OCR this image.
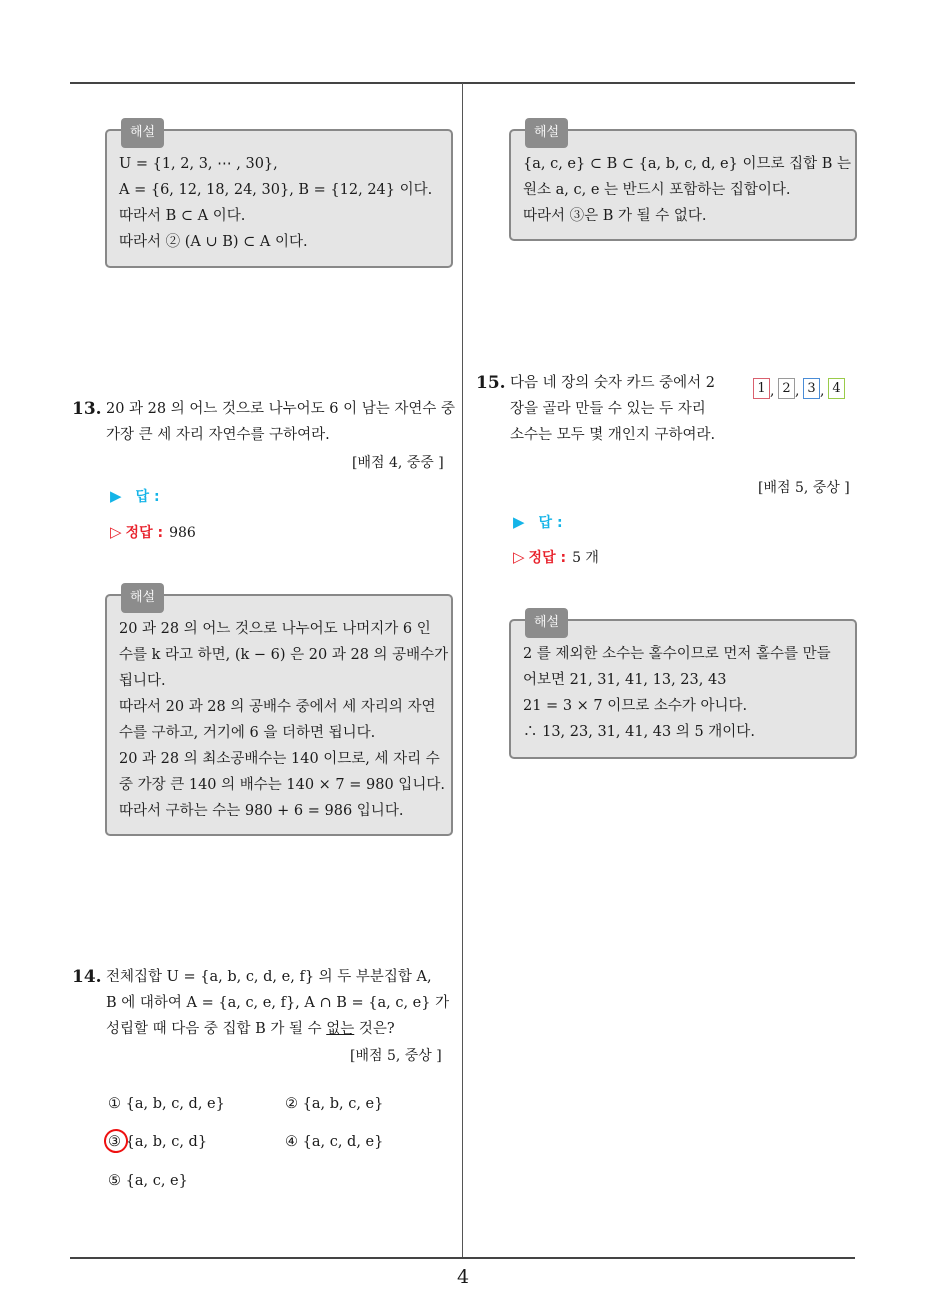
해설

U = {1, 2, 3, ⋯ , 30},

A = {6, 12, 18, 24, 30}, B = {12, 24} 이다.

따라서 B ⊂ A 이다.

따라서 ② (A ∪ B) ⊂ A 이다.

해설

{a, c, e} ⊂ B ⊂ {a, b, c, d, e} 이므로 집합 B 는

원소 a, c, e 는 반드시 포함하는 집합이다.

따라서 ③은 B 가 될 수 없다.

13. 20 과 28 의 어느 것으로 나누어도 6 이 남는 자연수 중

가장 큰 세 자리 자연수를 구하여라.

[배점 4, 중중 ]
▶ 답 :
▷ 정답 : 986
해설

20 과 28 의 어느 것으로 나누어도 나머지가 6 인

수를 k 라고 하면, (k − 6) 은 20 과 28 의 공배수가

됩니다.

따라서 20 과 28 의 공배수 중에서 세 자리의 자연

수를 구하고, 거기에 6 을 더하면 됩니다.

20 과 28 의 최소공배수는 140 이므로, 세 자리 수

중 가장 큰 140 의 배수는 140 × 7 = 980 입니다.

따라서 구하는 수는 980 + 6 = 986 입니다.

14. 전체집합 U = {a, b, c, d, e, f} 의 두 부분집합 A,

B 에 대하여 A = {a, c, e, f}, A ∩ B = {a, c, e} 가

성립할 때 다음 중 집합 B 가 될 수 없는 것은?

[배점 5, 중상 ]
① {a, b, c, d, e}	② {a, b, c, e}
③ {a, b, c, d}	④ {a, c, d, e}
⑤ {a, c, e}
15. 다음 네 장의 숫자 카드 중에서 2

장을 골라 만들 수 있는 두 자리

소수는 모두 몇 개인지 구하여라.

1 , 2 , 3 , 4
[배점 5, 중상 ]
▶ 답 :
▷ 정답 : 5 개
해설

2 를 제외한 소수는 홀수이므로 먼저 홀수를 만들

어보면 21, 31, 41, 13, 23, 43

21 = 3 × 7 이므로 소수가 아니다.

∴ 13, 23, 31, 41, 43 의 5 개이다.

4
